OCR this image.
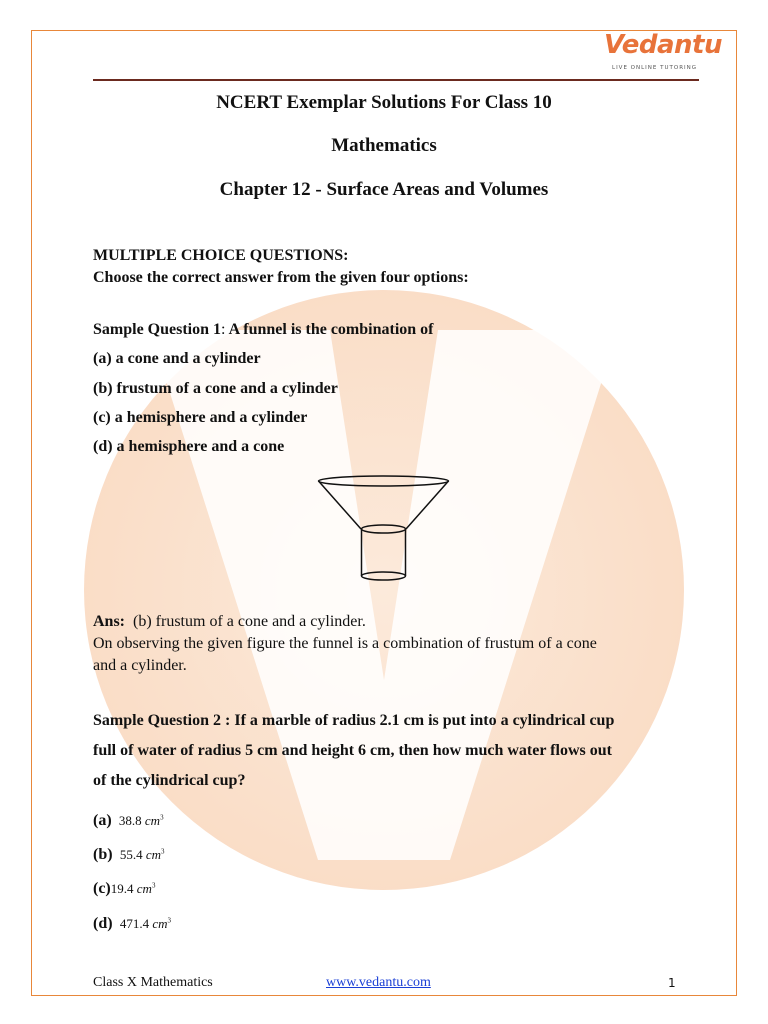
Vedantu
LIVE ONLINE TUTORING
NCERT Exemplar Solutions For Class 10
Mathematics
Chapter 12 - Surface Areas and Volumes
MULTIPLE CHOICE QUESTIONS:
Choose the correct answer from the given four options:
Sample Question 1: A funnel is the combination of
(a) a cone and a cylinder
(b) frustum of a cone and a cylinder
(c) a hemisphere and a cylinder
(d) a hemisphere and a cone
Ans: (b) frustum of a cone and a cylinder.
On observing the given figure the funnel is a combination of frustum of a cone
and a cylinder.
Sample Question 2 : If a marble of radius 2.1 cm is put into a cylindrical cup
full of water of radius 5 cm and height 6 cm, then how much water flows out
of the cylindrical cup?
(a) 38.8 $cm^3$
(b) 55.4 $cm^3$
(c)19.4 $cm^3$
(d) 471.4 $cm^3$
Class X Mathematics	www.vedantu.com	1
